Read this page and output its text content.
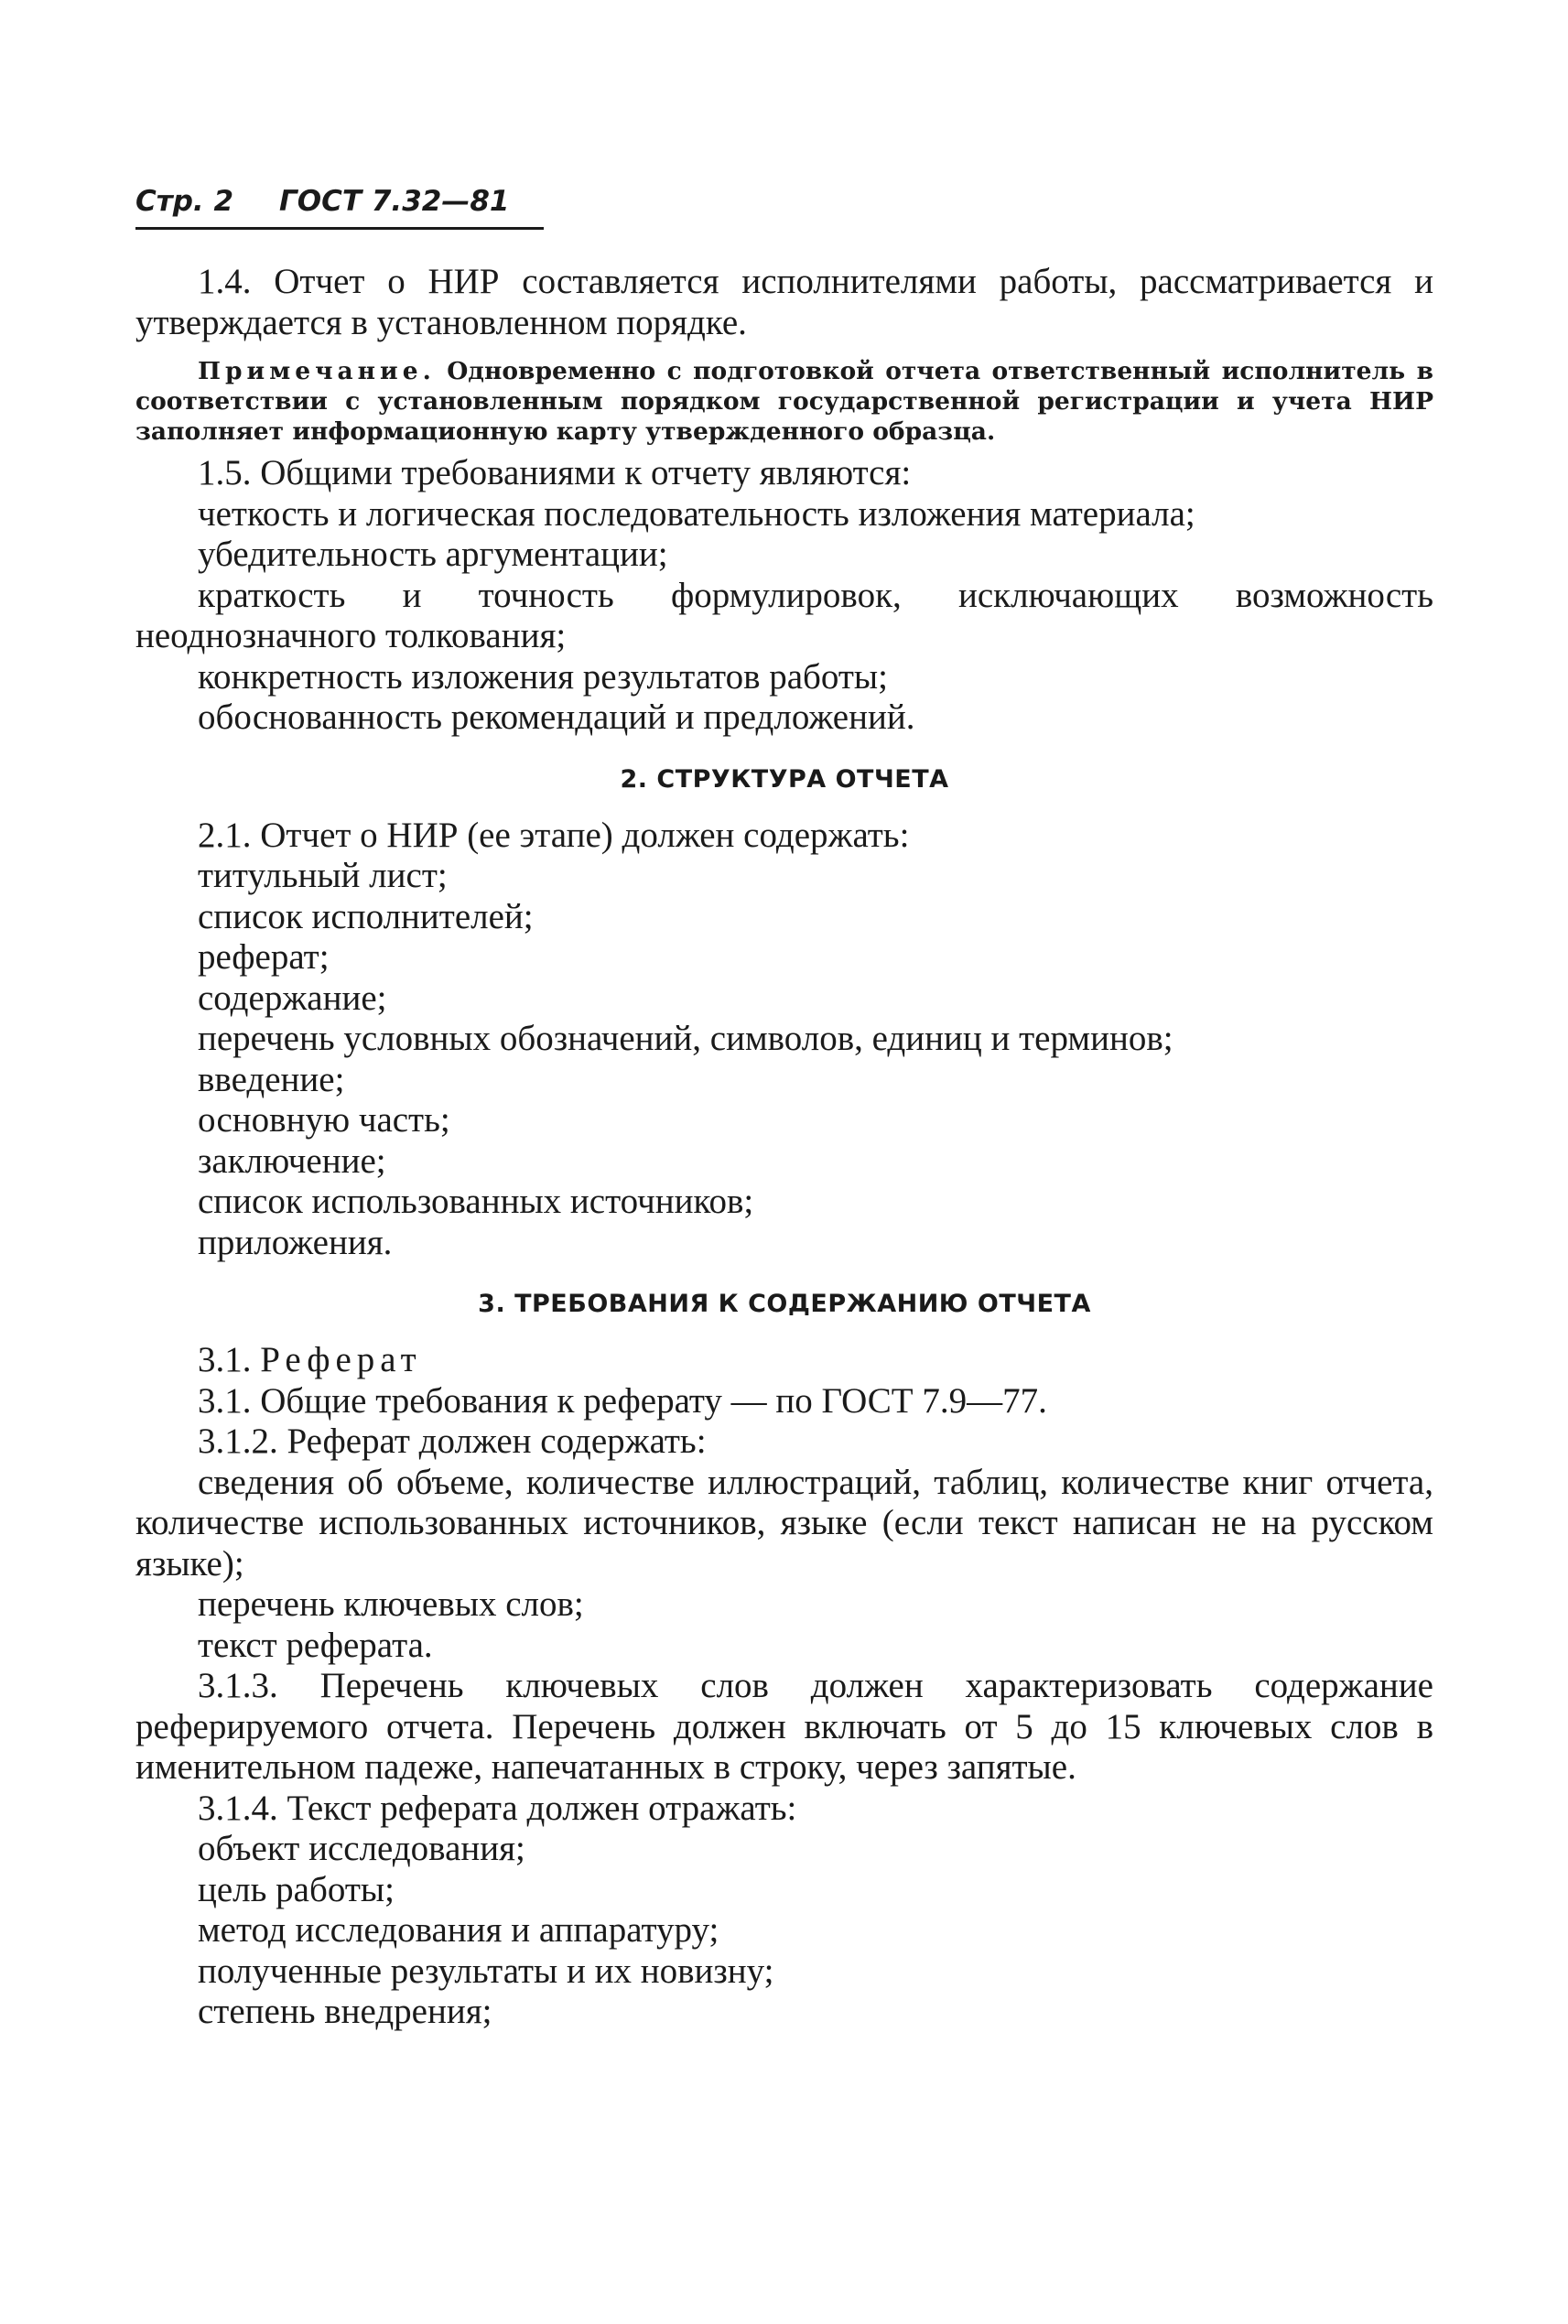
Стр. 2 ГОСТ 7.32—81

1.4. Отчет о НИР составляется исполнителями работы, рассматривается и утверждается в установленном порядке.

Примечание. Одновременно с подготовкой отчета ответственный исполнитель в соответствии с установленным порядком государственной регистрации и учета НИР заполняет информационную карту утвержденного образца.

1.5. Общими требованиями к отчету являются:

четкость и логическая последовательность изложения материала;

убедительность аргументации;

краткость и точность формулировок, исключающих возможность неоднозначного толкования;

конкретность изложения результатов работы;

обоснованность рекомендаций и предложений.

2. СТРУКТУРА ОТЧЕТА

2.1. Отчет о НИР (ее этапе) должен содержать:

титульный лист;

список исполнителей;

реферат;

содержание;

перечень условных обозначений, символов, единиц и терминов;

введение;

основную часть;

заключение;

список использованных источников;

приложения.

3. ТРЕБОВАНИЯ К СОДЕРЖАНИЮ ОТЧЕТА

3.1. Реферат

3.1. Общие требования к реферату — по ГОСТ 7.9—77.

3.1.2. Реферат должен содержать:

сведения об объеме, количестве иллюстраций, таблиц, количестве книг отчета, количестве использованных источников, языке (если текст написан не на русском языке);

перечень ключевых слов;

текст реферата.

3.1.3. Перечень ключевых слов должен характеризовать содержание реферируемого отчета. Перечень должен включать от 5 до 15 ключевых слов в именительном падеже, напечатанных в строку, через запятые.

3.1.4. Текст реферата должен отражать:

объект исследования;

цель работы;

метод исследования и аппаратуру;

полученные результаты и их новизну;

степень внедрения;
